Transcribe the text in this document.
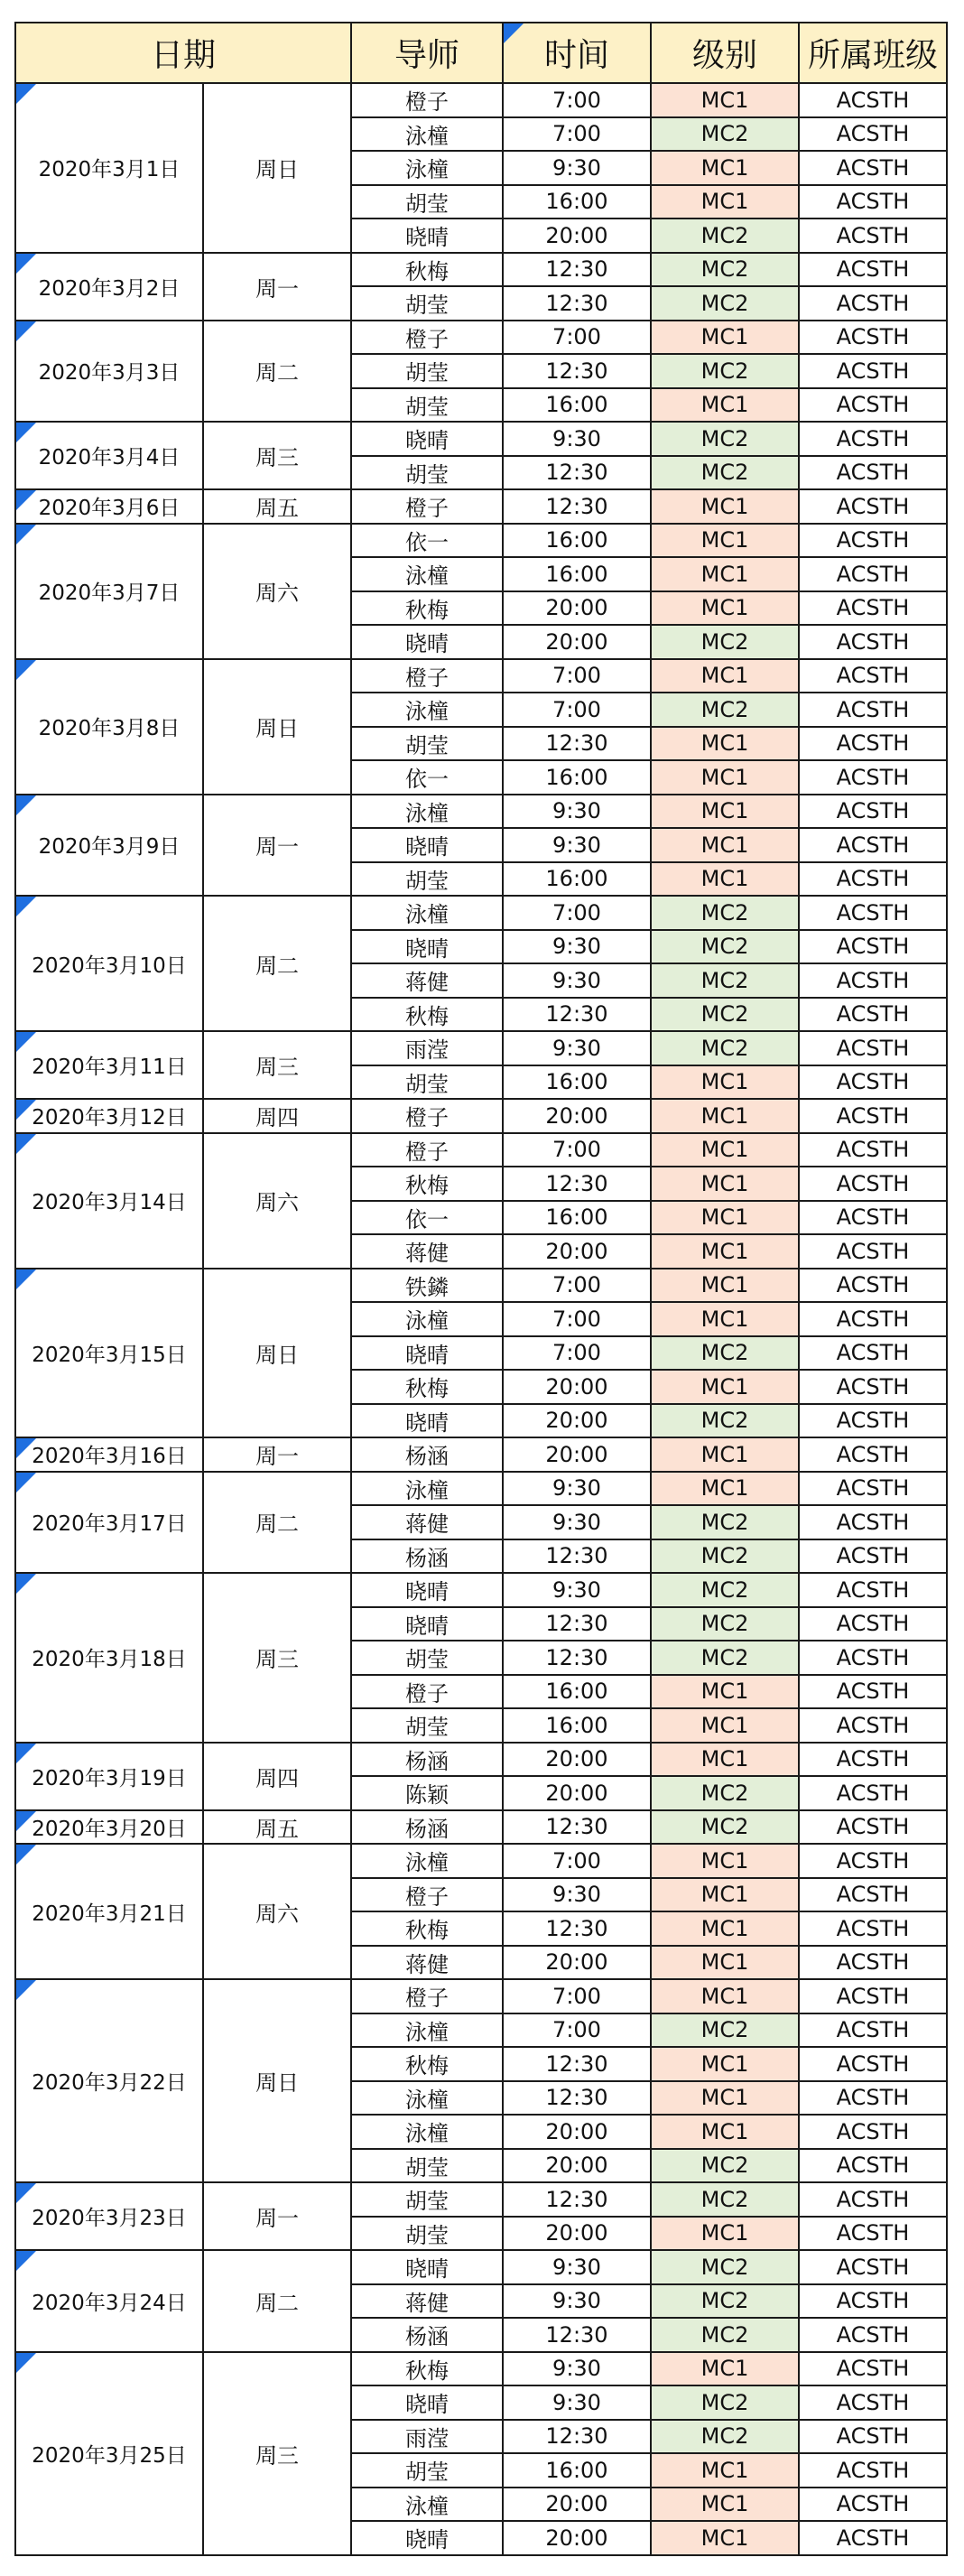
日期		导师	时间	级别	所属班级
2020年3月1日	周日	橙子	7:00	MC1	ACSTH
		泳橦	7:00	MC2	ACSTH
		泳橦	9:30	MC1	ACSTH
		胡莹	16:00	MC1	ACSTH
		晓晴	20:00	MC2	ACSTH
2020年3月2日	周一	秋梅	12:30	MC2	ACSTH
		胡莹	12:30	MC2	ACSTH
2020年3月3日	周二	橙子	7:00	MC1	ACSTH
		胡莹	12:30	MC2	ACSTH
		胡莹	16:00	MC1	ACSTH
2020年3月4日	周三	晓晴	9:30	MC2	ACSTH
		胡莹	12:30	MC2	ACSTH
2020年3月6日	周五	橙子	12:30	MC1	ACSTH
2020年3月7日	周六	依一	16:00	MC1	ACSTH
		泳橦	16:00	MC1	ACSTH
		秋梅	20:00	MC1	ACSTH
		晓晴	20:00	MC2	ACSTH
2020年3月8日	周日	橙子	7:00	MC1	ACSTH
		泳橦	7:00	MC2	ACSTH
		胡莹	12:30	MC1	ACSTH
		依一	16:00	MC1	ACSTH
2020年3月9日	周一	泳橦	9:30	MC1	ACSTH
		晓晴	9:30	MC1	ACSTH
		胡莹	16:00	MC1	ACSTH
2020年3月10日	周二	泳橦	7:00	MC2	ACSTH
		晓晴	9:30	MC2	ACSTH
		蒋健	9:30	MC2	ACSTH
		秋梅	12:30	MC2	ACSTH
2020年3月11日	周三	雨滢	9:30	MC2	ACSTH
		胡莹	16:00	MC1	ACSTH
2020年3月12日	周四	橙子	20:00	MC1	ACSTH
2020年3月14日	周六	橙子	7:00	MC1	ACSTH
		秋梅	12:30	MC1	ACSTH
		依一	16:00	MC1	ACSTH
		蒋健	20:00	MC1	ACSTH
2020年3月15日	周日	铁鏻	7:00	MC1	ACSTH
		泳橦	7:00	MC1	ACSTH
		晓晴	7:00	MC2	ACSTH
		秋梅	20:00	MC1	ACSTH
		晓晴	20:00	MC2	ACSTH
2020年3月16日	周一	杨涵	20:00	MC1	ACSTH
2020年3月17日	周二	泳橦	9:30	MC1	ACSTH
		蒋健	9:30	MC2	ACSTH
		杨涵	12:30	MC2	ACSTH
2020年3月18日	周三	晓晴	9:30	MC2	ACSTH
		晓晴	12:30	MC2	ACSTH
		胡莹	12:30	MC2	ACSTH
		橙子	16:00	MC1	ACSTH
		胡莹	16:00	MC1	ACSTH
2020年3月19日	周四	杨涵	20:00	MC1	ACSTH
		陈颖	20:00	MC2	ACSTH
2020年3月20日	周五	杨涵	12:30	MC2	ACSTH
2020年3月21日	周六	泳橦	7:00	MC1	ACSTH
		橙子	9:30	MC1	ACSTH
		秋梅	12:30	MC1	ACSTH
		蒋健	20:00	MC1	ACSTH
2020年3月22日	周日	橙子	7:00	MC1	ACSTH
		泳橦	7:00	MC2	ACSTH
		秋梅	12:30	MC1	ACSTH
		泳橦	12:30	MC1	ACSTH
		泳橦	20:00	MC1	ACSTH
		胡莹	20:00	MC2	ACSTH
2020年3月23日	周一	胡莹	12:30	MC2	ACSTH
		胡莹	20:00	MC1	ACSTH
2020年3月24日	周二	晓晴	9:30	MC2	ACSTH
		蒋健	9:30	MC2	ACSTH
		杨涵	12:30	MC2	ACSTH
2020年3月25日	周三	秋梅	9:30	MC1	ACSTH
		晓晴	9:30	MC2	ACSTH
		雨滢	12:30	MC2	ACSTH
		胡莹	16:00	MC1	ACSTH
		泳橦	20:00	MC1	ACSTH
		晓晴	20:00	MC1	ACSTH
